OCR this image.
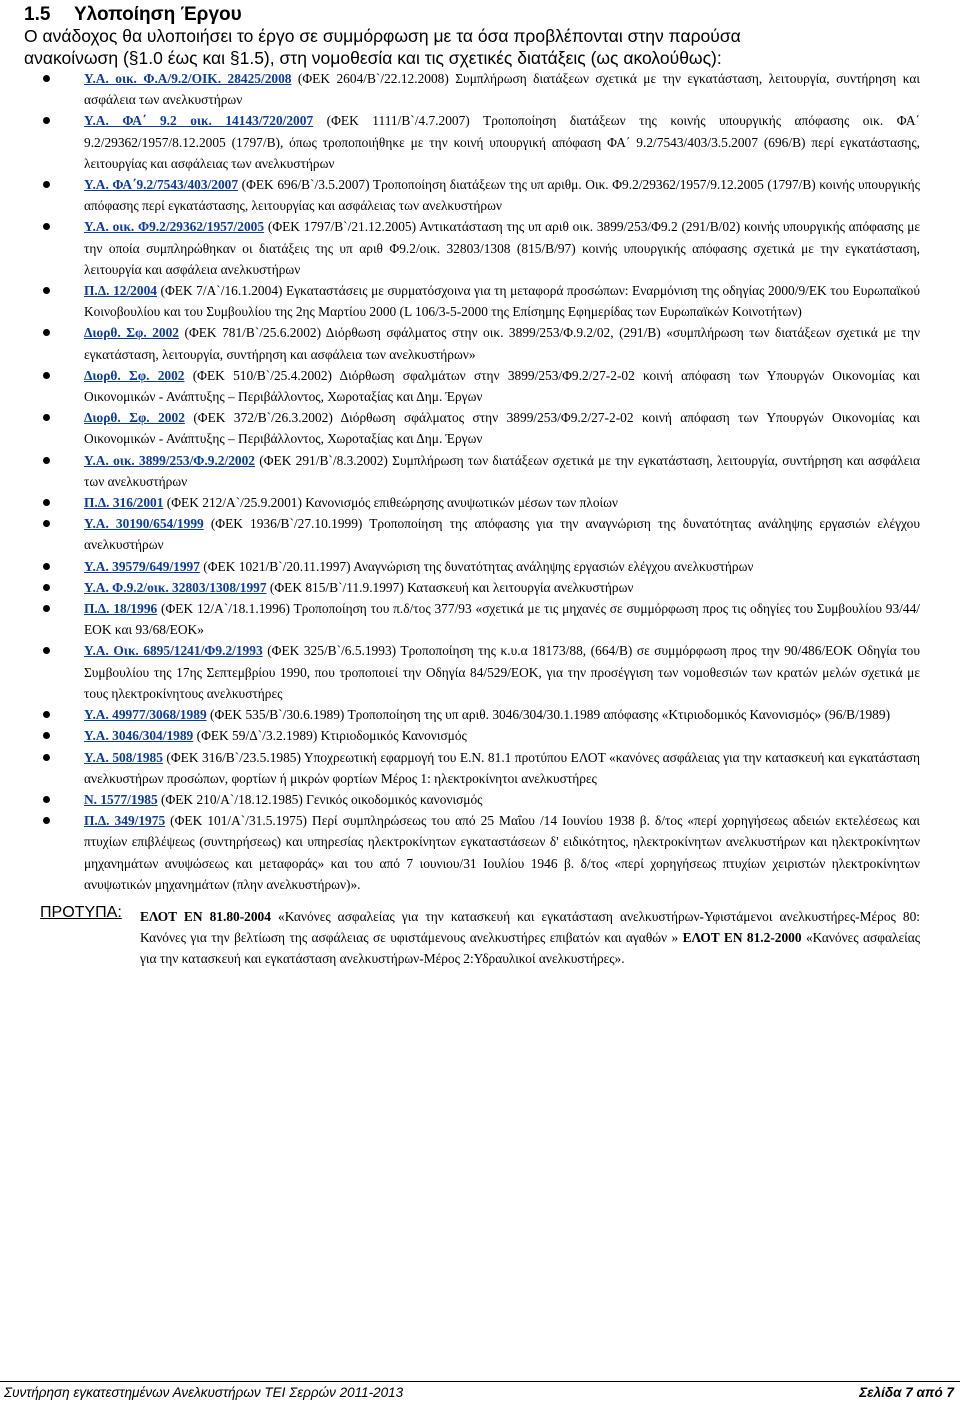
1.5 Υλοποίηση Έργου
Ο ανάδοχος θα υλοποιήσει το έργο σε συμμόρφωση με τα όσα προβλέπονται στην παρούσα
ανακοίνωση (§1.0 έως και §1.5), στη νομοθεσία και τις σχετικές διατάξεις (ως ακολούθως):
Υ.Α. οικ. Φ.Α/9.2/ΟΙΚ. 28425/2008 (ΦΕΚ 2604/Β`/22.12.2008) Συμπλήρωση διατάξεων σχετικά με την εγκατάσταση, λειτουργία, συντήρηση και ασφάλεια των ανελκυστήρων
Υ.Α. ΦΑ΄ 9.2 οικ. 14143/720/2007 (ΦΕΚ 1111/Β`/4.7.2007) Τροποποίηση διατάξεων της κοινής υπουργικής απόφασης οικ. ΦΑ΄ 9.2/29362/1957/8.12.2005 (1797/Β), όπως τροποποιήθηκε με την κοινή υπουργική απόφαση ΦΑ΄ 9.2/7543/403/3.5.2007 (696/Β) περί εγκατάστασης, λειτουργίας και ασφάλειας των ανελκυστήρων
Υ.Α. ΦΑ΄9.2/7543/403/2007 (ΦΕΚ 696/Β`/3.5.2007) Τροποποίηση διατάξεων της υπ αριθμ. Οικ. Φ9.2/29362/1957/9.12.2005 (1797/Β) κοινής υπουργικής απόφασης περί εγκατάστασης, λειτουργίας και ασφάλειας των ανελκυστήρων
Υ.Α. οικ. Φ9.2/29362/1957/2005 (ΦΕΚ 1797/Β`/21.12.2005) Αντικατάσταση της υπ αριθ οικ. 3899/253/Φ9.2 (291/Β/02) κοινής υπουργικής απόφασης με την οποία συμπληρώθηκαν οι διατάξεις της υπ αριθ Φ9.2/οικ. 32803/1308 (815/Β/97) κοινής υπουργικής απόφασης σχετικά με την εγκατάσταση, λειτουργία και ασφάλεια ανελκυστήρων
Π.Δ. 12/2004 (ΦΕΚ 7/Α`/16.1.2004) Εγκαταστάσεις με συρματόσχοινα για τη μεταφορά προσώπων: Εναρμόνιση της οδηγίας 2000/9/ΕΚ του Ευρωπαϊκού Κοινοβουλίου και του Συμβουλίου της 2ης Μαρτίου 2000 (L 106/3-5-2000 της Επίσημης Εφημερίδας των Ευρωπαϊκών Κοινοτήτων)
Διορθ. Σφ. 2002 (ΦΕΚ 781/Β`/25.6.2002) Διόρθωση σφάλματος στην οικ. 3899/253/Φ.9.2/02, (291/Β) «συμπλήρωση των διατάξεων σχετικά με την εγκατάσταση, λειτουργία, συντήρηση και ασφάλεια των ανελκυστήρων»
Διορθ. Σφ. 2002 (ΦΕΚ 510/Β`/25.4.2002) Διόρθωση σφαλμάτων στην 3899/253/Φ9.2/27-2-02 κοινή απόφαση των Υπουργών Οικονομίας και Οικονομικών - Ανάπτυξης – Περιβάλλοντος, Χωροταξίας και Δημ. Έργων
Διορθ. Σφ. 2002 (ΦΕΚ 372/Β`/26.3.2002) Διόρθωση σφάλματος στην 3899/253/Φ9.2/27-2-02 κοινή απόφαση των Υπουργών Οικονομίας και Οικονομικών - Ανάπτυξης – Περιβάλλοντος, Χωροταξίας και Δημ. Έργων
Υ.Α. οικ. 3899/253/Φ.9.2/2002 (ΦΕΚ 291/Β`/8.3.2002) Συμπλήρωση των διατάξεων σχετικά με την εγκατάσταση, λειτουργία, συντήρηση και ασφάλεια των ανελκυστήρων
Π.Δ. 316/2001 (ΦΕΚ 212/Α`/25.9.2001) Κανονισμός επιθεώρησης ανυψωτικών μέσων των πλοίων
Υ.Α. 30190/654/1999 (ΦΕΚ 1936/Β`/27.10.1999) Τροποποίηση της απόφασης για την αναγνώριση της δυνατότητας ανάληψης εργασιών ελέγχου ανελκυστήρων
Υ.Α. 39579/649/1997 (ΦΕΚ 1021/Β`/20.11.1997) Αναγνώριση της δυνατότητας ανάληψης εργασιών ελέγχου ανελκυστήρων
Υ.Α. Φ.9.2/οικ. 32803/1308/1997 (ΦΕΚ 815/Β`/11.9.1997) Κατασκευή και λειτουργία ανελκυστήρων
Π.Δ. 18/1996 (ΦΕΚ 12/Α`/18.1.1996) Τροποποίηση του π.δ/τος 377/93 «σχετικά με τις μηχανές σε συμμόρφωση προς τις οδηγίες του Συμβουλίου 93/44/ΕΟΚ και 93/68/ΕΟΚ»
Υ.Α. Οικ. 6895/1241/Φ9.2/1993 (ΦΕΚ 325/Β`/6.5.1993) Τροποποίηση της κ.υ.α 18173/88, (664/Β) σε συμμόρφωση προς την 90/486/ΕΟΚ Οδηγία του Συμβουλίου της 17ης Σεπτεμβρίου 1990, που τροποποιεί την Οδηγία 84/529/ΕΟΚ, για την προσέγγιση των νομοθεσιών των κρατών μελών σχετικά με τους ηλεκτροκίνητους ανελκυστήρες
Υ.Α. 49977/3068/1989 (ΦΕΚ 535/Β`/30.6.1989) Τροποποίηση της υπ αριθ. 3046/304/30.1.1989 απόφασης «Κτιριοδομικός Κανονισμός» (96/Β/1989)
Υ.Α. 3046/304/1989 (ΦΕΚ 59/Δ`/3.2.1989) Κτιριοδομικός Κανονισμός
Υ.Α. 508/1985 (ΦΕΚ 316/Β`/23.5.1985) Υποχρεωτική εφαρμογή του Ε.Ν. 81.1 προτύπου ΕΛΟΤ «κανόνες ασφάλειας για την κατασκευή και εγκατάσταση ανελκυστήρων προσώπων, φορτίων ή μικρών φορτίων Μέρος 1: ηλεκτροκίνητοι ανελκυστήρες
Ν. 1577/1985 (ΦΕΚ 210/Α`/18.12.1985) Γενικός οικοδομικός κανονισμός
Π.Δ. 349/1975 (ΦΕΚ 101/Α`/31.5.1975) Περί συμπληρώσεως του από 25 Μαΐου /14 Ιουνίου 1938 β. δ/τος «περί χορηγήσεως αδειών εκτελέσεως και πτυχίων επιβλέψεως (συντηρήσεως) και υπηρεσίας ηλεκτροκίνητων εγκαταστάσεων δ' ειδικότητος, ηλεκτροκίνητων ανελκυστήρων και ηλεκτροκίνητων μηχανημάτων ανυψώσεως και μεταφοράς» και του από 7 ιουνιου/31 Ιουλίου 1946 β. δ/τος «περί χορηγήσεως πτυχίων χειριστών ηλεκτροκίνητων ανυψωτικών μηχανημάτων (πλην ανελκυστήρων)».
ΠΡΟΤΥΠΑ: ΕΛΟΤ ΕΝ 81.80-2004 «Κανόνες ασφαλείας για την κατασκευή και εγκατάσταση ανελκυστήρων-Υφιστάμενοι ανελκυστήρες-Μέρος 80: Κανόνες για την βελτίωση της ασφάλειας σε υφιστάμενους ανελκυστήρες επιβατών και αγαθών » ΕΛΟΤ ΕΝ 81.2-2000 «Κανόνες ασφαλείας για την κατασκευή και εγκατάσταση ανελκυστήρων-Μέρος 2:Υδραυλικοί ανελκυστήρες».
Συντήρηση εγκατεστημένων Ανελκυστήρων ΤΕΙ Σερρών 2011-2013	Σελίδα 7 από 7
